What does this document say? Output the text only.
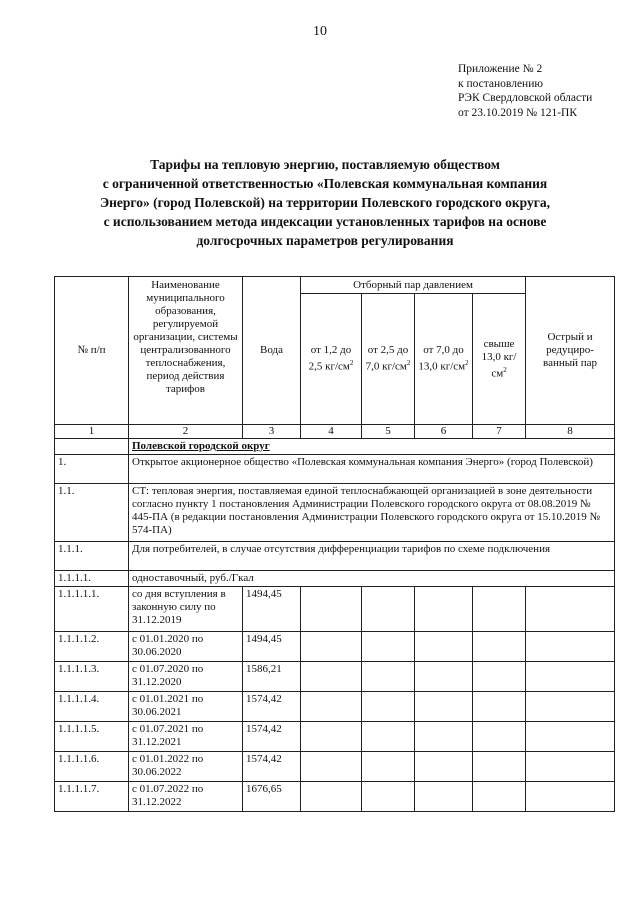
10
Приложение № 2
к постановлению
РЭК Свердловской области
от 23.10.2019 № 121-ПК
Тарифы на тепловую энергию, поставляемую обществом
с ограниченной ответственностью «Полевская коммунальная компания
Энерго» (город Полевской) на территории Полевского городского округа,
с использованием метода индексации установленных тарифов на основе
долгосрочных параметров регулирования
№ п/п	Наименование муниципального образования, регулируемой организации, системы централизованного теплоснабжения, период действия тарифов	Вода	Отборный пар давлением				Острый и редуциро-ванный пар
			от 1,2 до 2,5 $кг/см^2$	от 2,5 до 7,0 $кг/см^2$	от 7,0 до 13,0 $кг/см^2$	свыше 13,0 $кг/см^2$
1	2	3	4	5	6	7	8
	Полевской городской округ						
1.	Открытое акционерное общество «Полевская коммунальная компания Энерго» (город Полевской)						
1.1.	СТ: тепловая энергия, поставляемая единой теплоснабжающей организацией в зоне деятельности согласно пункту 1 постановления Администрации Полевского городского округа от 08.08.2019 № 445-ПА (в редакции постановления Администрации Полевского городского округа от 15.10.2019 № 574-ПА)						
1.1.1.	Для потребителей, в случае отсутствия дифференциации тарифов по схеме подключения						
1.1.1.1.	одноставочный, руб./Гкал						
1.1.1.1.1.	со дня вступления в законную силу по 31.12.2019	1494,45					
1.1.1.1.2.	с 01.01.2020 по 30.06.2020	1494,45					
1.1.1.1.3.	с 01.07.2020 по 31.12.2020	1586,21					
1.1.1.1.4.	с 01.01.2021 по 30.06.2021	1574,42					
1.1.1.1.5.	с 01.07.2021 по 31.12.2021	1574,42					
1.1.1.1.6.	с 01.01.2022 по 30.06.2022	1574,42					
1.1.1.1.7.	с 01.07.2022 по 31.12.2022	1676,65					
